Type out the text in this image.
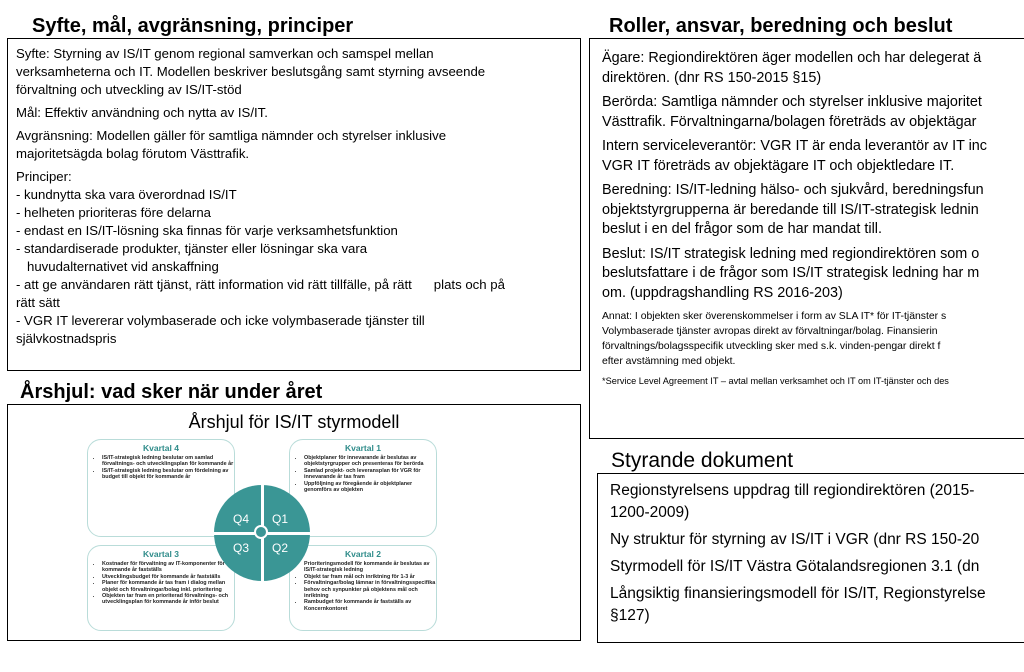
Syfte, mål, avgränsning, principer

Syfte: Styrning av IS/IT genom regional samverkan och samspel mellan

verksamheterna och IT. Modellen beskriver beslutsgång samt styrning avseende

förvaltning och utveckling av IS/IT-stöd

Mål: Effektiv användning och nytta av IS/IT.

Avgränsning: Modellen gäller för samtliga nämnder och styrelser inklusive

majoritetsägda bolag förutom Västtrafik.

Principer:

- kundnytta ska vara överordnad IS/IT

- helheten prioriteras före delarna

- endast en IS/IT-lösning ska finnas för varje verksamhetsfunktion

- standardiserade produkter, tjänster eller lösningar ska vara

huvudalternativet vid anskaffning

- att ge användaren rätt tjänst, rätt information vid rätt tillfälle, på rätt      plats och på

rätt sätt

- VGR IT levererar volymbaserade och icke volymbaserade tjänster till

självkostnadspris

Roller, ansvar, beredning och beslut

Ägare: Regiondirektören äger modellen och har delegerat ä

direktören. (dnr RS 150-2015 §15)

Berörda: Samtliga nämnder och styrelser inklusive majoritet

Västtrafik. Förvaltningarna/bolagen företräds av objektägar

Intern serviceleverantör: VGR IT är enda leverantör av IT inc

VGR IT företräds av objektägare IT och objektledare IT.

Beredning: IS/IT-ledning hälso- och sjukvård, beredningsfun

objektstyrgrupperna är beredande till IS/IT-strategisk lednin

beslut i en del frågor som de har mandat till.

Beslut: IS/IT strategisk ledning med regiondirektören som o

beslutsfattare i de frågor som IS/IT strategisk ledning har m

om. (uppdragshandling RS 2016-203)

Annat: I objekten sker överenskommelser i form av SLA IT* för IT-tjänster s

Volymbaserade tjänster avropas direkt av förvaltningar/bolag. Finansierin

förvaltnings/bolagsspecifik utveckling sker med s.k. vinden-pengar direkt f

efter avstämning med objekt.

*Service Level Agreement IT – avtal mellan verksamhet och IT om IT-tjänster och des

Årshjul: vad sker när under året
Årshjul för IS/IT styrmodell
Kvartal 4
• IS/IT-strategisk ledning beslutar om samlad förvaltnings- och utvecklingsplan för kommande år
• IS/IT-strategisk ledning beslutar om fördelning av budget till objekt för kommande år
Kvartal 1
• Objektplaner för innevarande år beslutas av objektstyrgrupper och presenteras för berörda
• Samlad projekt- och leveransplan för VGR för innevarande år tas fram
• Uppföljning av föregående år objektplaner genomförs av objekten
Kvartal 3
• Kostnader för förvaltning av IT-komponenter för kommande år fastställs
• Utvecklingsbudget för kommande år fastställs
• Planer för kommande år tas fram i dialog mellan objekt och förvaltningar/bolag inkl. prioritering
• Objekten tar fram en prioriterad förvaltnings- och utvecklingsplan för kommande år inför beslut
Kvartal 2
• Prioriteringsmodell för kommande år beslutas av IS/IT-strategisk ledning
• Objekt tar fram mål och inriktning för 1-3 år
• Förvaltningar/bolag lämnar in förvaltningsspecifika behov och synpunkter på objektens mål och inriktning
• Rambudget för kommande år fastställs av Koncernkontoret
Q4 Q1
Q3 Q2
Styrande dokument

Regionstyrelsens uppdrag till regiondirektören (2015-

1200-2009)

Ny struktur för styrning av IS/IT i VGR (dnr RS 150-20

Styrmodell för IS/IT Västra Götalandsregionen 3.1 (dn

Långsiktig finansieringsmodell för IS/IT, Regionstyrelse

§127)
